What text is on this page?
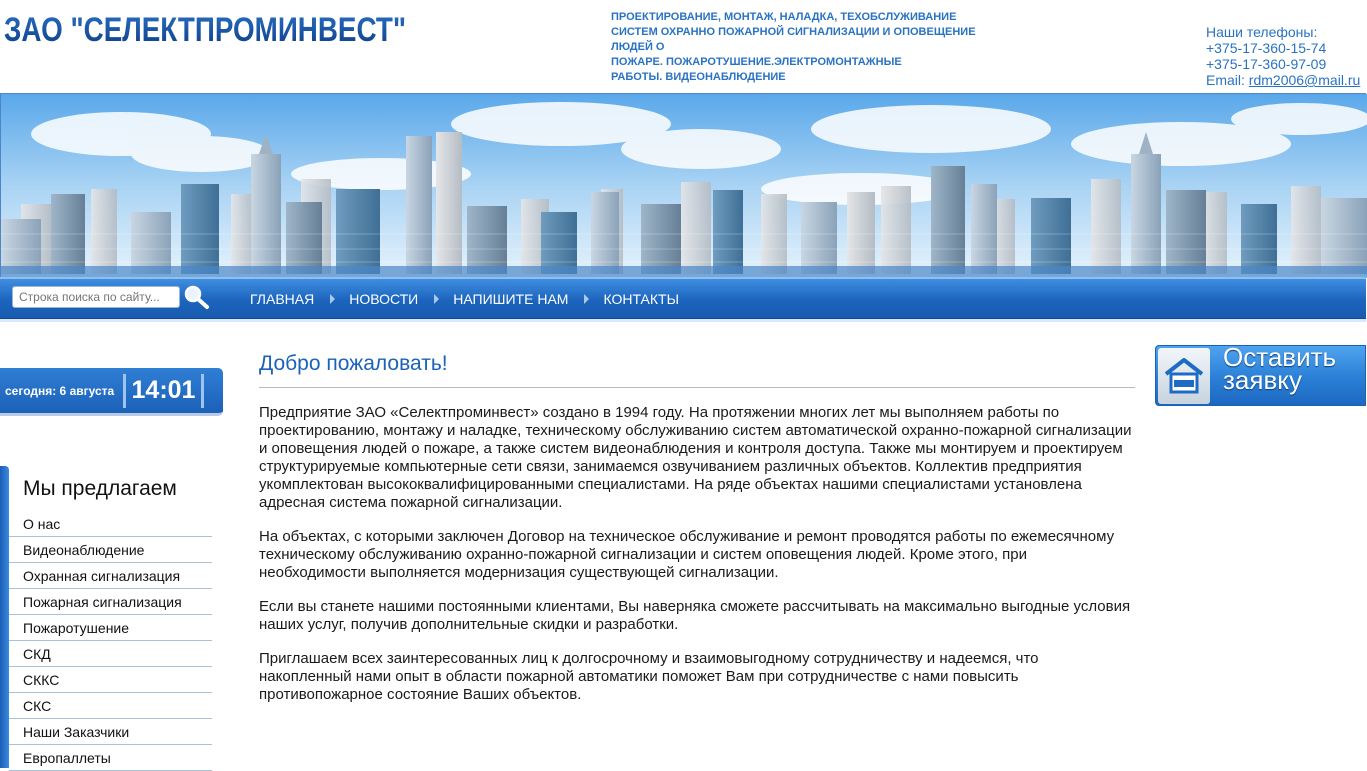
ЗАО "СЕЛЕКТПРОМИНВЕСТ"	ПРОЕКТИРОВАНИЕ, МОНТАЖ, НАЛАДКА, ТЕХОБСЛУЖИВАНИЕ
СИСТЕМ ОХРАННО ПОЖАРНОЙ СИГНАЛИЗАЦИИ И ОПОВЕЩЕНИЕ
ЛЮДЕЙ О
ПОЖАРЕ. ПОЖАРОТУШЕНИЕ.ЭЛЕКТРОМОНТАЖНЫЕ
РАБОТЫ. ВИДЕОНАБЛЮДЕНИЕ
Наши телефоны:
+375-17-360-15-74
+375-17-360-97-09
Email: rdm2006@mail.ru
Строка поиска по сайту...
ГЛАВНАЯ	НОВОСТИ	НАПИШИТЕ НАМ	КОНТАКТЫ
сегодня: 6 августа 14:01
Мы предлагаем
О нас
Видеонаблюдение
Охранная сигнализация
Пожарная сигнализация
Пожаротушение
СКД
СККС
СКС
Наши Заказчики
Европаллеты
Добро пожаловать!

Предприятие ЗАО «Селектпроминвест» создано в 1994 году. На протяжении многих лет мы выполняем работы по проектированию, монтажу и наладке, техническому обслуживанию систем автоматической охранно-пожарной сигнализации и оповещения людей о пожаре, а также систем видеонаблюдения и контроля доступа. Также мы монтируем и проектируем структурируемые компьютерные сети связи, занимаемся озвучиванием различных объектов. Коллектив предприятия укомплектован высококвалифицированными специалистами. На ряде объектах нашими специалистами установлена адресная система пожарной сигнализации.

На объектах, с которыми заключен Договор на техническое обслуживание и ремонт проводятся работы по ежемесячному техническому обслуживанию охранно-пожарной сигнализации и систем оповещения людей. Кроме этого, при необходимости выполняется модернизация существующей сигнализации.

Если вы станете нашими постоянными клиентами, Вы наверняка сможете рассчитывать на максимально выгодные условия наших услуг, получив дополнительные скидки и разработки.

Приглашаем всех заинтересованных лиц к долгосрочному и взаимовыгодному сотрудничеству и надеемся, что накопленный нами опыт в области пожарной автоматики поможет Вам при сотрудничестве с нами повысить противопожарное состояние Ваших объектов.

Оставить
заявку
